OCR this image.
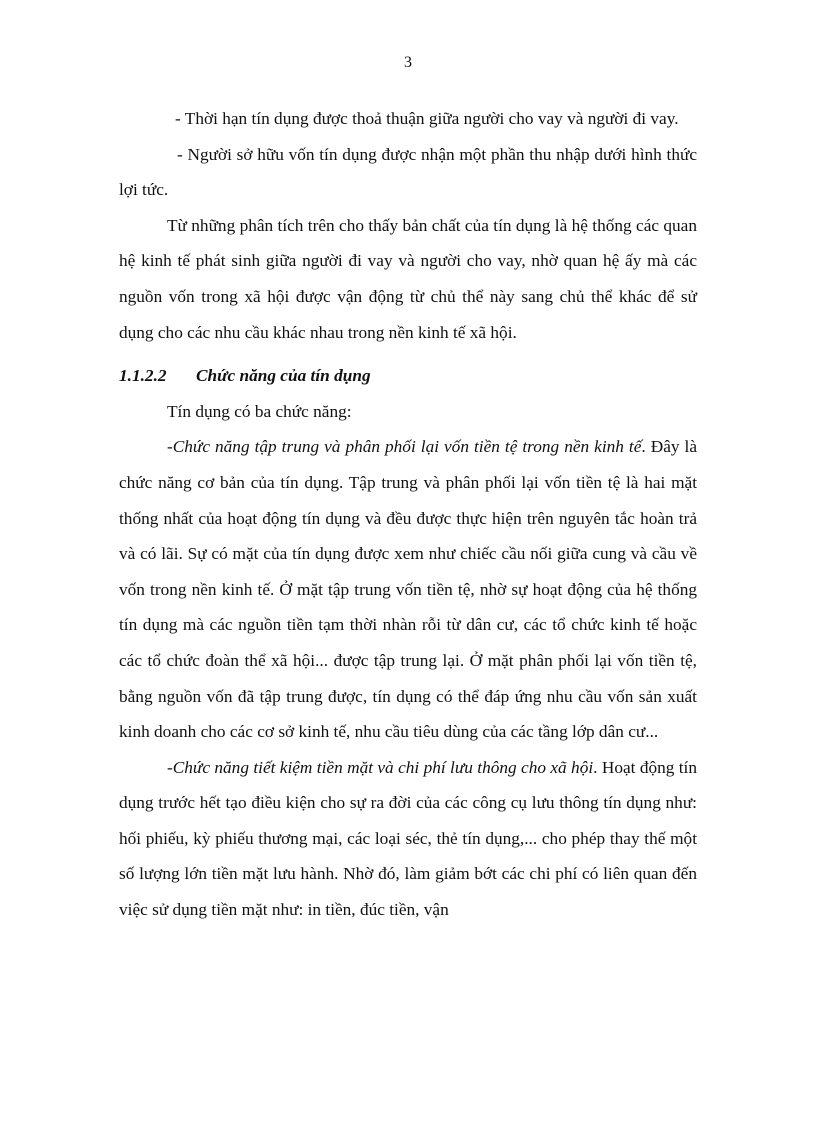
3

- Thời hạn tín dụng được thoả thuận giữa người cho vay và người đi vay.

- Người sở hữu vốn tín dụng được nhận một phần thu nhập dưới hình thức lợi tức.

Từ những phân tích trên cho thấy bản chất của tín dụng là hệ thống các quan hệ kinh tế phát sinh giữa người đi vay và người cho vay, nhờ quan hệ ấy mà các nguồn vốn trong xã hội được vận động từ chủ thể này sang chủ thể khác để sử dụng cho các nhu cầu khác nhau trong nền kinh tế xã hội.

1.1.2.2 Chức năng của tín dụng

Tín dụng có ba chức năng:

-Chức năng tập trung và phân phối lại vốn tiền tệ trong nền kinh tế. Đây là chức năng cơ bản của tín dụng. Tập trung và phân phối lại vốn tiền tệ là hai mặt thống nhất của hoạt động tín dụng và đều được thực hiện trên nguyên tắc hoàn trả và có lãi. Sự có mặt của tín dụng được xem như chiếc cầu nối giữa cung và cầu về vốn trong nền kinh tế. Ở mặt tập trung vốn tiền tệ, nhờ sự hoạt động của hệ thống tín dụng mà các nguồn tiền tạm thời nhàn rỗi từ dân cư, các tổ chức kinh tế hoặc các tổ chức đoàn thể xã hội... được tập trung lại. Ở mặt phân phối lại vốn tiền tệ, bằng nguồn vốn đã tập trung được, tín dụng có thể đáp ứng nhu cầu vốn sản xuất kinh doanh cho các cơ sở kinh tế, nhu cầu tiêu dùng của các tầng lớp dân cư...

-Chức năng tiết kiệm tiền mặt và chi phí lưu thông cho xã hội. Hoạt động tín dụng trước hết tạo điều kiện cho sự ra đời của các công cụ lưu thông tín dụng như: hối phiếu, kỳ phiếu thương mại, các loại séc, thẻ tín dụng,... cho phép thay thế một số lượng lớn tiền mặt lưu hành. Nhờ đó, làm giảm bớt các chi phí có liên quan đến việc sử dụng tiền mặt như: in tiền, đúc tiền, vận
